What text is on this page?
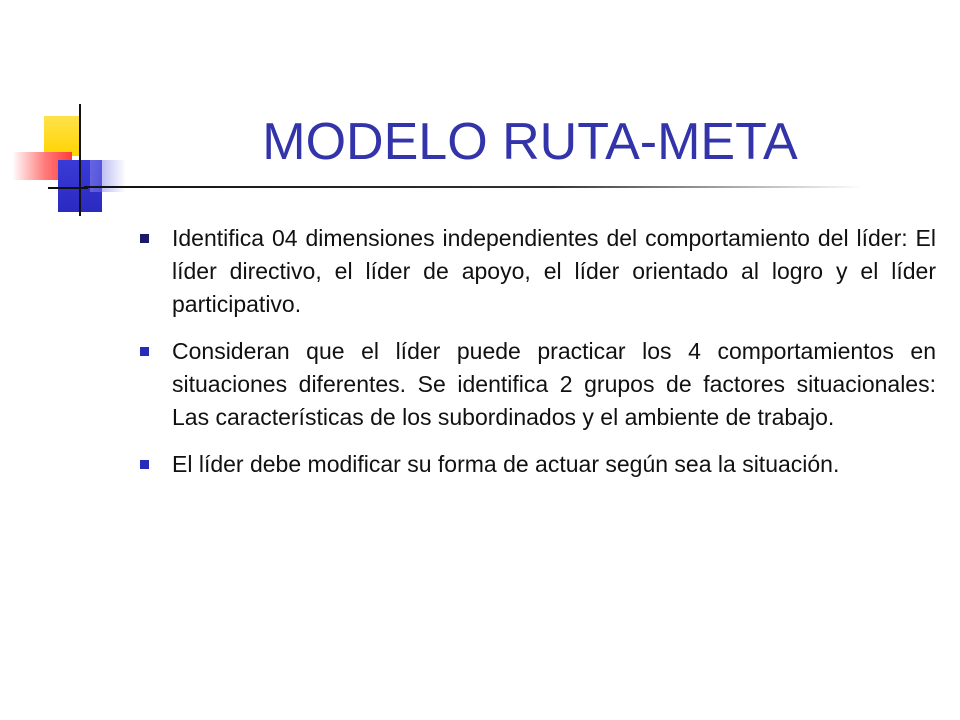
MODELO RUTA-META
Identifica 04 dimensiones independientes del comportamiento del líder: El líder directivo, el líder de apoyo, el líder orientado al logro y el líder participativo.
Consideran que el líder puede practicar los 4 comportamientos en situaciones diferentes. Se identifica 2 grupos de factores situacionales: Las características de los subordinados y el ambiente de trabajo.
El líder debe modificar su forma de actuar según sea la situación.
